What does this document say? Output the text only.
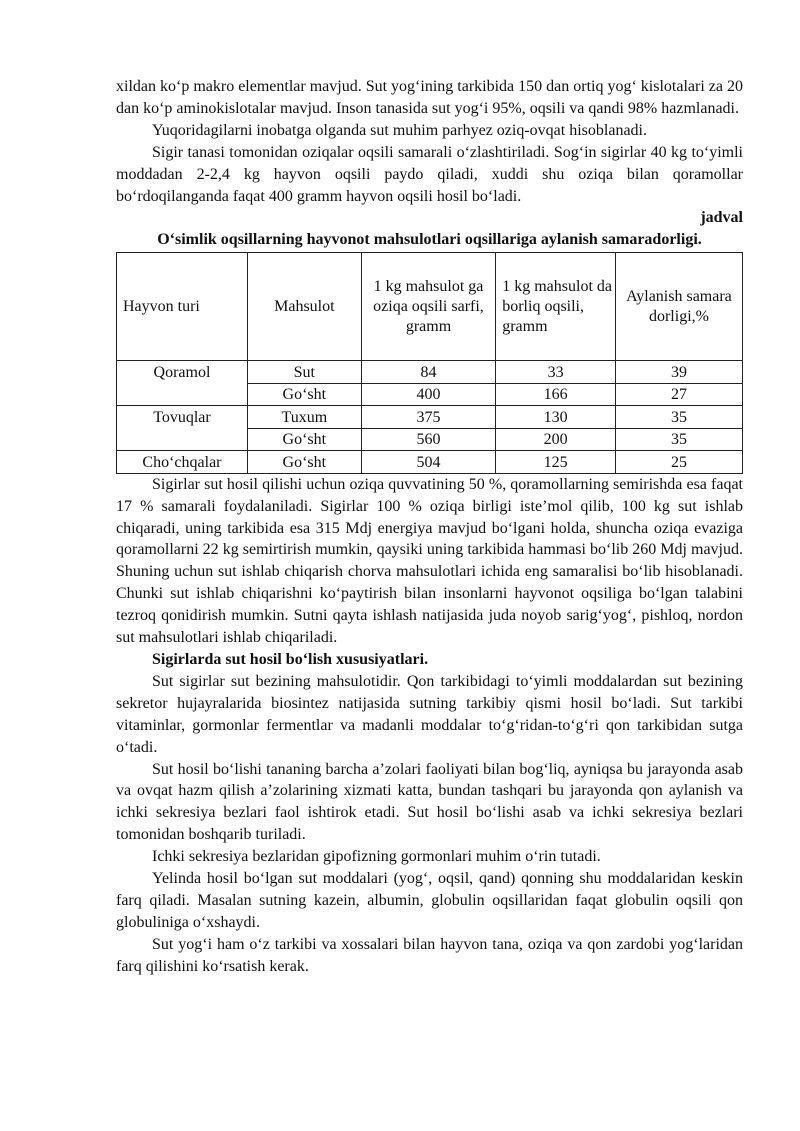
xildan ko‘p makro elementlar mavjud. Sut yog‘ining tarkibida 150 dan ortiq yog‘ kislotalari za 20 dan ko‘p aminokislotalar mavjud. Inson tanasida sut yog‘i 95%, oqsili va qandi 98% hazmlanadi.

Yuqoridagilarni inobatga olganda sut muhim parhyez oziq-ovqat hisoblanadi.

Sigir tanasi tomonidan oziqalar oqsili samarali o‘zlashtiriladi. Sog‘in sigirlar 40 kg to‘yimli moddadan 2-2,4 kg hayvon oqsili paydo qiladi, xuddi shu oziqa bilan qoramollar bo‘rdoqilanganda faqat 400 gramm hayvon oqsili hosil bo‘ladi.

jadval

O‘simlik oqsillarning hayvonot mahsulotlari oqsillariga aylanish samaradorligi.

Hayvon turi	Mahsulot	1 kg mahsulot ga oziqa oqsili sarfi, gramm	1 kg mahsulot da borliq oqsili, gramm	Aylanish samara dorligi,%
Qoramol	Sut	84	33	39
	Go‘sht	400	166	27
Tovuqlar	Tuxum	375	130	35
	Go‘sht	560	200	35
Cho‘chqalar	Go‘sht	504	125	25

Sigirlar sut hosil qilishi uchun oziqa quvvatining 50 %, qoramollarning semirishda esa faqat 17 % samarali foydalaniladi. Sigirlar 100 % oziqa birligi iste’mol qilib, 100 kg sut ishlab chiqaradi, uning tarkibida esa 315 Mdj energiya mavjud bo‘lgani holda, shuncha oziqa evaziga qoramollarni 22 kg semirtirish mumkin, qaysiki uning tarkibida hammasi bo‘lib 260 Mdj mavjud. Shuning uchun sut ishlab chiqarish chorva mahsulotlari ichida eng samaralisi bo‘lib hisoblanadi. Chunki sut ishlab chiqarishni ko‘paytirish bilan insonlarni hayvonot oqsiliga bo‘lgan talabini tezroq qonidirish mumkin. Sutni qayta ishlash natijasida juda noyob sarig‘yog‘, pishloq, nordon sut mahsulotlari ishlab chiqariladi.

Sigirlarda sut hosil bo‘lish xususiyatlari.

Sut sigirlar sut bezining mahsulotidir. Qon tarkibidagi to‘yimli moddalardan sut bezining sekretor hujayralarida biosintez natijasida sutning tarkibiy qismi hosil bo‘ladi. Sut tarkibi vitaminlar, gormonlar fermentlar va madanli moddalar to‘g‘ridan-to‘g‘ri qon tarkibidan sutga o‘tadi.

Sut hosil bo‘lishi tananing barcha a’zolari faoliyati bilan bog‘liq, ayniqsa bu jarayonda asab va ovqat hazm qilish a’zolarining xizmati katta, bundan tashqari bu jarayonda qon aylanish va ichki sekresiya bezlari faol ishtirok etadi. Sut hosil bo‘lishi asab va ichki sekresiya bezlari tomonidan boshqarib turiladi.

Ichki sekresiya bezlaridan gipofizning gormonlari muhim o‘rin tutadi.

Yelinda hosil bo‘lgan sut moddalari (yog‘, oqsil, qand) qonning shu moddalaridan keskin farq qiladi. Masalan sutning kazein, albumin, globulin oqsillaridan faqat globulin oqsili qon globuliniga o‘xshaydi.

Sut yog‘i ham o‘z tarkibi va xossalari bilan hayvon tana, oziqa va qon zardobi yog‘laridan farq qilishini ko‘rsatish kerak.
